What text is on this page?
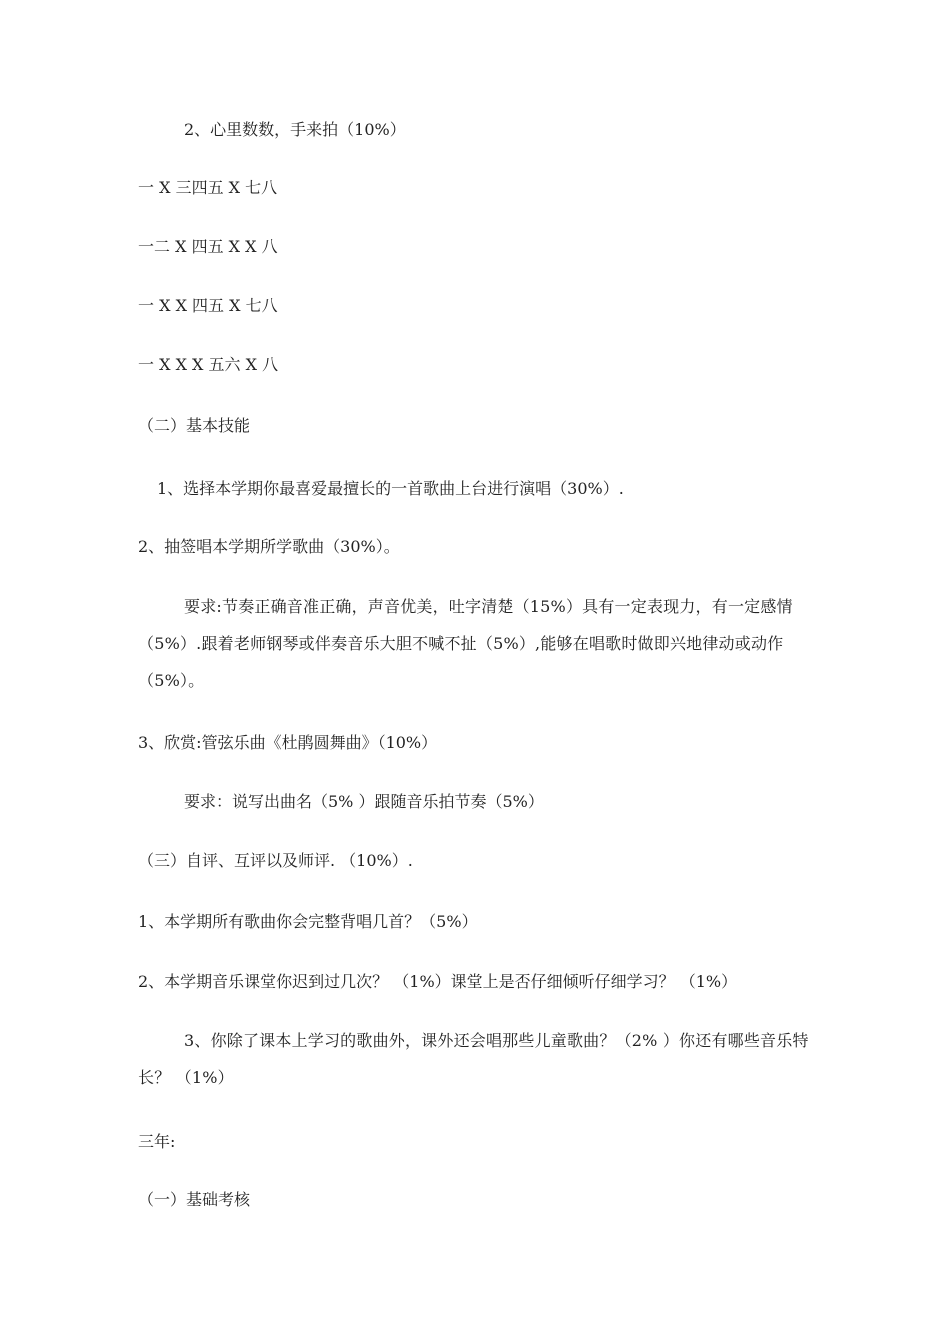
2、心里数数，手来拍（10%）
一 X 三四五 X 七八
一二 X 四五 X X 八
一 X X 四五 X 七八
一 X X X 五六 X 八
（二）基本技能
1、选择本学期你最喜爱最擅长的一首歌曲上台进行演唱（30%）.
2、抽签唱本学期所学歌曲（30%）。
要求:节奏正确音准正确，声音优美，吐字清楚（15%）具有一定表现力，有一定感情（5%）.跟着老师钢琴或伴奏音乐大胆不喊不扯（5%）,能够在唱歌时做即兴地律动或动作（5%）。
3、欣赏:管弦乐曲《杜鹃圆舞曲》（10%）
要求：说写出曲名（5% ）跟随音乐拍节奏（5%）
（三）自评、互评以及师评. （10%）.
1、本学期所有歌曲你会完整背唱几首？（5%）
2、本学期音乐课堂你迟到过几次？ （1%）课堂上是否仔细倾听仔细学习？ （1%）
3、你除了课本上学习的歌曲外，课外还会唱那些儿童歌曲？（2% ）你还有哪些音乐特长？ （1%）
三年:
（一）基础考核
